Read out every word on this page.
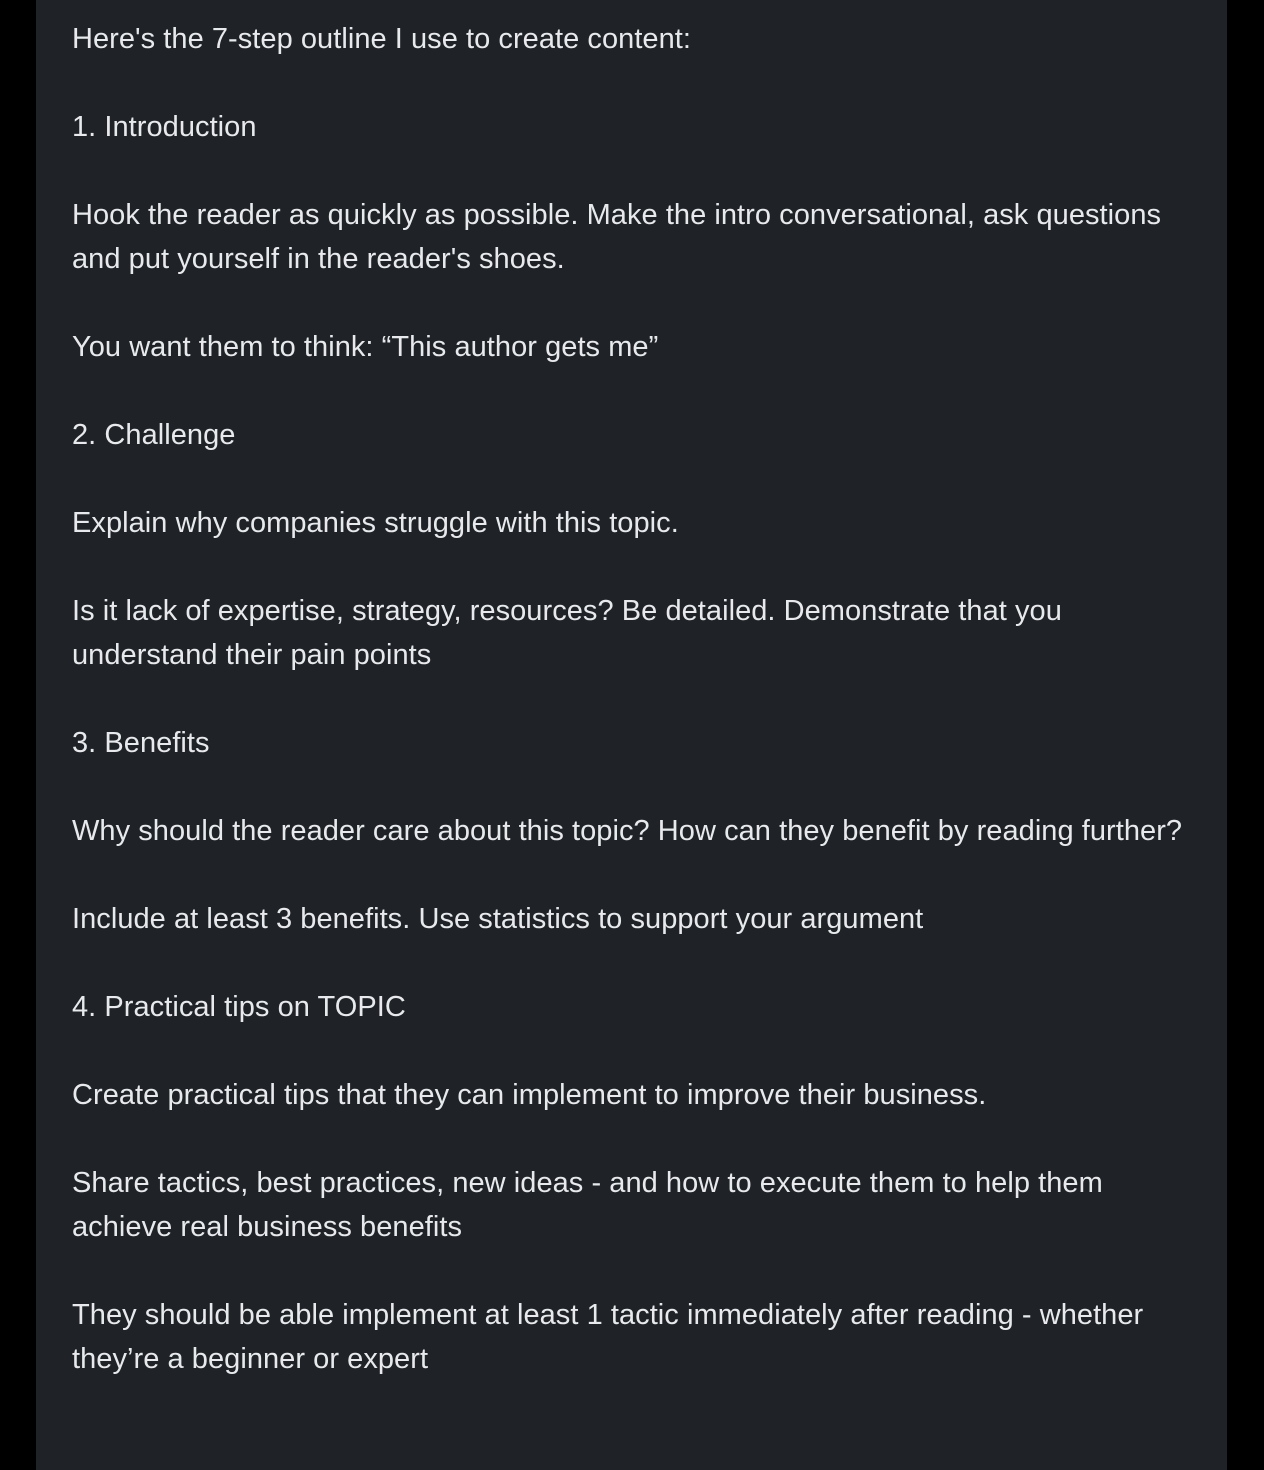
Here's the 7-step outline I use to create content:

1. Introduction

Hook the reader as quickly as possible. Make the intro conversational, ask questions and put yourself in the reader's shoes.

You want them to think: “This author gets me”

2. Challenge

Explain why companies struggle with this topic.

Is it lack of expertise, strategy, resources? Be detailed. Demonstrate that you understand their pain points

3. Benefits

Why should the reader care about this topic? How can they benefit by reading further?

Include at least 3 benefits. Use statistics to support your argument

4. Practical tips on TOPIC

Create practical tips that they can implement to improve their business.

Share tactics, best practices, new ideas - and how to execute them to help them achieve real business benefits

They should be able implement at least 1 tactic immediately after reading - whether they’re a beginner or expert
